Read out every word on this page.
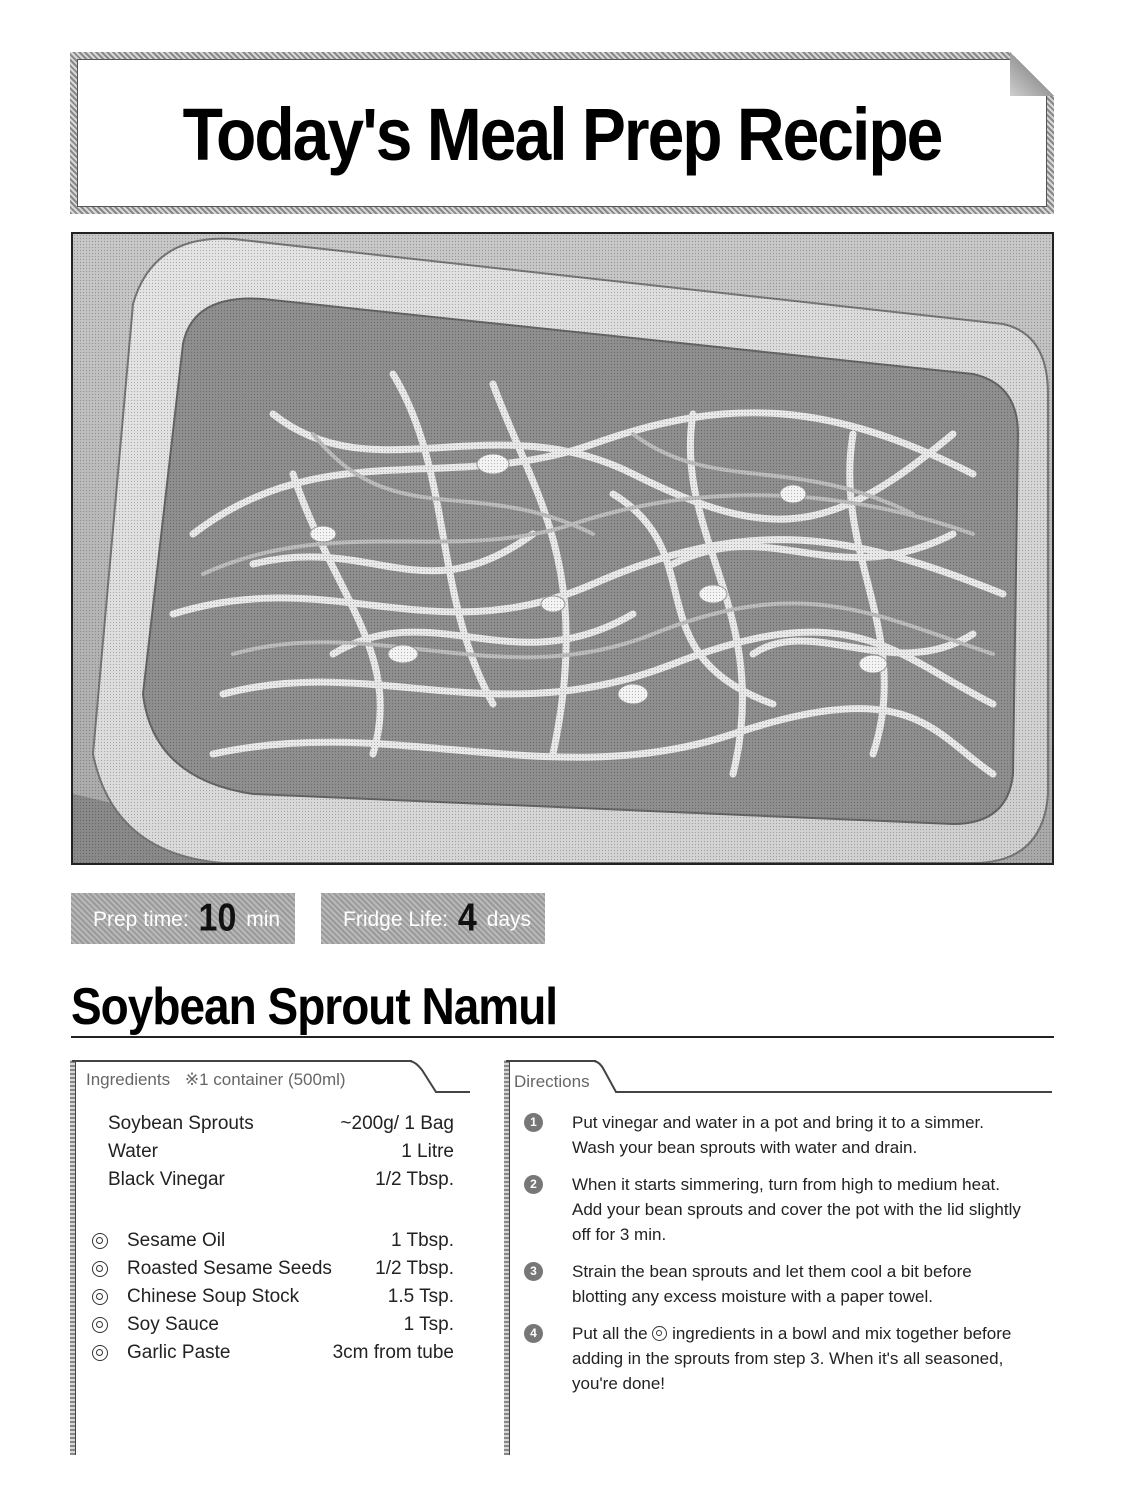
Today's Meal Prep Recipe
Prep time: 10 min	Fridge Life: 4 days
Soybean Sprout Namul
Ingredients ※1 container (500ml)
Soybean Sprouts	~200g/ 1 Bag
Water	1 Litre
Black Vinegar	1/2 Tbsp.
Sesame Oil	1 Tbsp.
Roasted Sesame Seeds 1/2 Tbsp.
Chinese Soup Stock	1.5 Tsp.
Soy Sauce	1 Tsp.
Garlic Paste	3cm from tube
Directions
1	Put vinegar and water in a pot and bring it to a simmer. Wash your bean sprouts with water and drain.
2	When it starts simmering, turn from high to medium heat. Add your bean sprouts and cover the pot with the lid slightly off for 3 min.
3	Strain the bean sprouts and let them cool a bit before blotting any excess moisture with a paper towel.
4	Put all the ingredients in a bowl and mix together before adding in the sprouts from step 3. When it's all seasoned, you're done!
